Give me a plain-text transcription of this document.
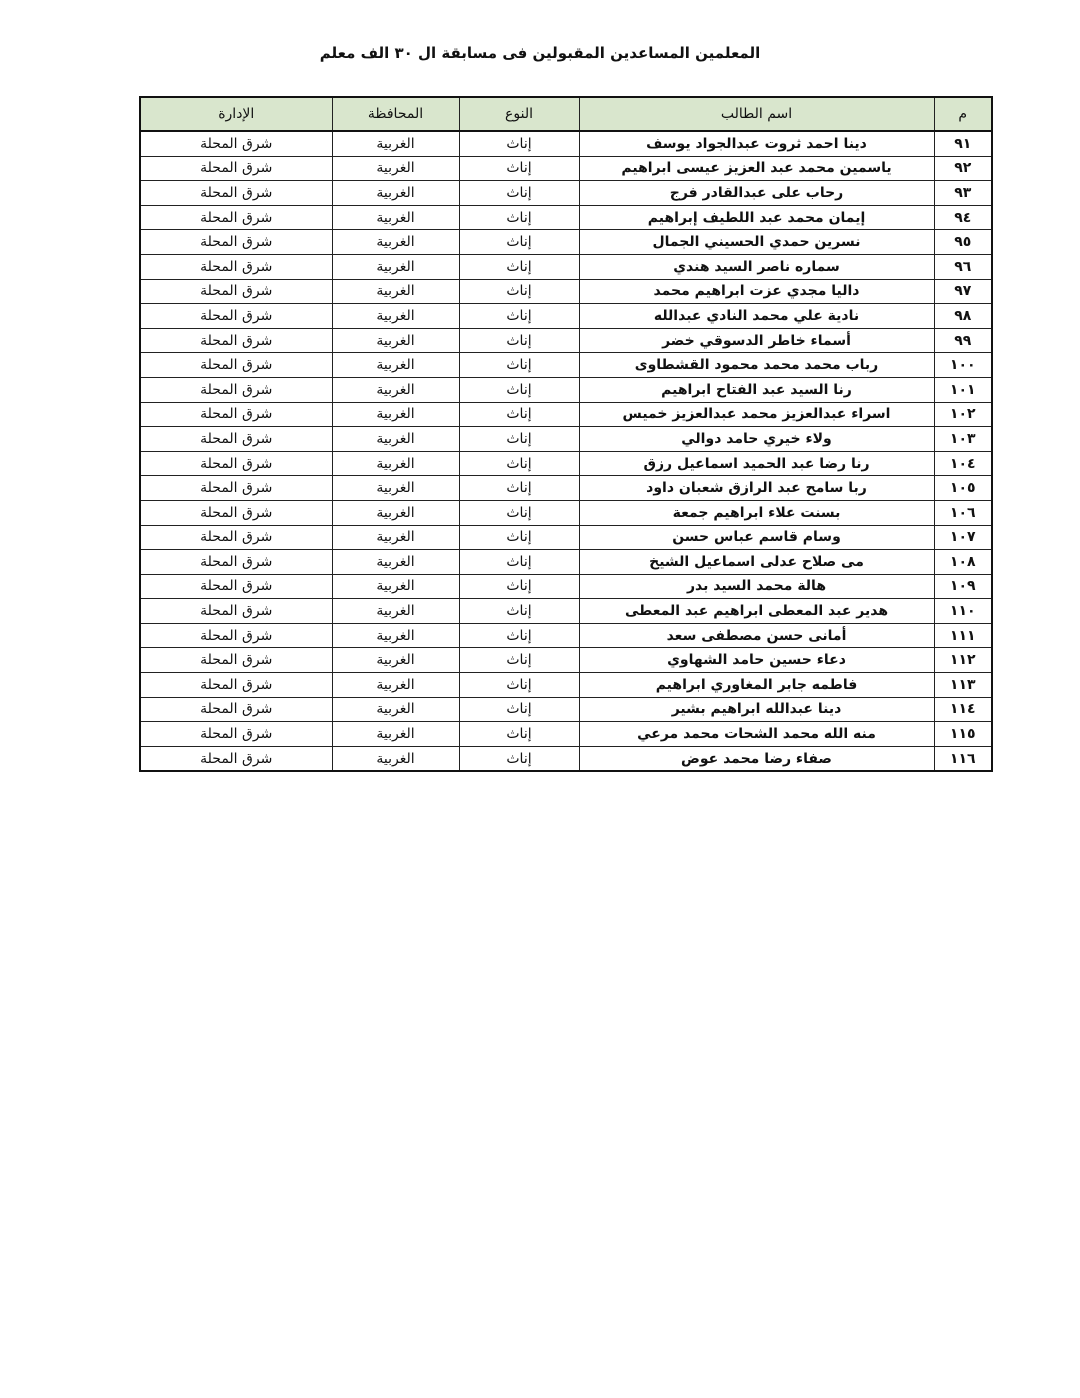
المعلمين المساعدين المقبولين فى مسابقة ال ٣٠ الف معلم
م	اسم الطالب	النوع	المحافظة	الإدارة
٩١	دينا احمد ثروت عبدالجواد يوسف	إناث	الغربية	شرق المحلة
٩٢	ياسمين محمد عبد العزيز عيسى ابراهيم	إناث	الغربية	شرق المحلة
٩٣	رحاب على عبدالقادر فرج	إناث	الغربية	شرق المحلة
٩٤	إيمان محمد عبد اللطيف إبراهيم	إناث	الغربية	شرق المحلة
٩٥	نسرين حمدي الحسيني الجمال	إناث	الغربية	شرق المحلة
٩٦	سماره ناصر السيد هندي	إناث	الغربية	شرق المحلة
٩٧	داليا مجدي عزت ابراهيم محمد	إناث	الغربية	شرق المحلة
٩٨	نادية علي محمد النادي عبدالله	إناث	الغربية	شرق المحلة
٩٩	أسماء خاطر الدسوقي خضر	إناث	الغربية	شرق المحلة
١٠٠	رباب محمد محمد محمود القشطاوى	إناث	الغربية	شرق المحلة
١٠١	رنا السيد عبد الفتاح ابراهيم	إناث	الغربية	شرق المحلة
١٠٢	اسراء عبدالعزيز محمد عبدالعزيز خميس	إناث	الغربية	شرق المحلة
١٠٣	ولاء خيري حامد دوالي	إناث	الغربية	شرق المحلة
١٠٤	رنا رضا عبد الحميد اسماعيل رزق	إناث	الغربية	شرق المحلة
١٠٥	ربا سامح عبد الرازق شعبان داود	إناث	الغربية	شرق المحلة
١٠٦	بسنت علاء ابراهيم جمعة	إناث	الغربية	شرق المحلة
١٠٧	وسام قاسم عباس حسن	إناث	الغربية	شرق المحلة
١٠٨	مى صلاح عدلى اسماعيل الشيخ	إناث	الغربية	شرق المحلة
١٠٩	هالة محمد السيد بدر	إناث	الغربية	شرق المحلة
١١٠	هدير عبد المعطى ابراهيم عبد المعطى	إناث	الغربية	شرق المحلة
١١١	أمانى حسن مصطفى سعد	إناث	الغربية	شرق المحلة
١١٢	دعاء حسين حامد الشهاوي	إناث	الغربية	شرق المحلة
١١٣	فاطمه جابر المغاوري ابراهيم	إناث	الغربية	شرق المحلة
١١٤	دينا عبدالله ابراهيم بشير	إناث	الغربية	شرق المحلة
١١٥	منه الله محمد الشحات محمد مرعي	إناث	الغربية	شرق المحلة
١١٦	صفاء رضا محمد عوض	إناث	الغربية	شرق المحلة
